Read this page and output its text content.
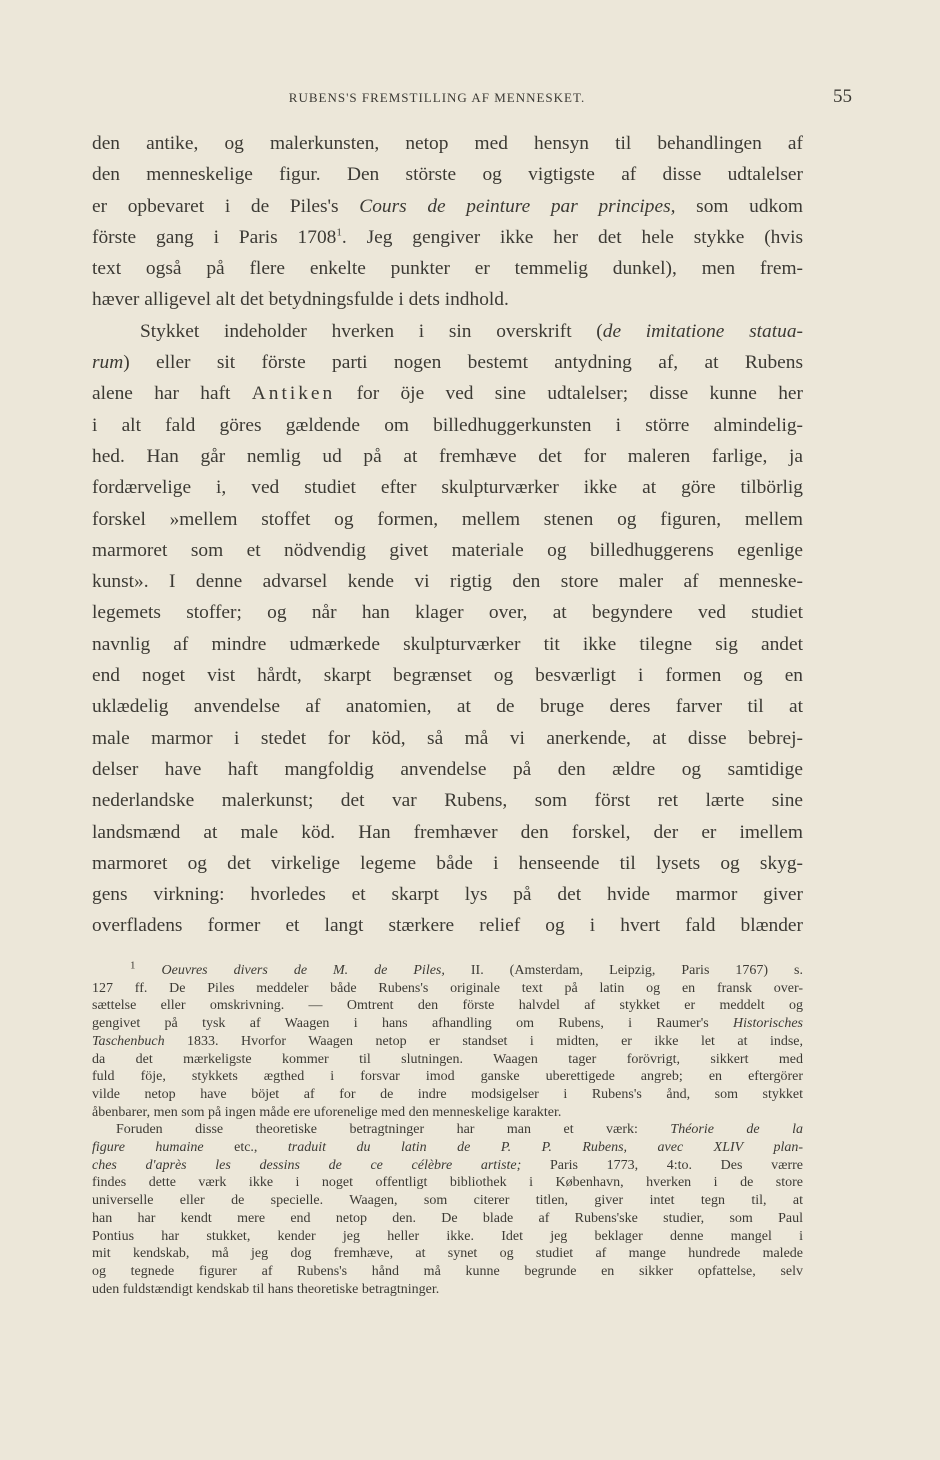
RUBENS'S FREMSTILLING AF MENNESKET.	55

den antike, og malerkunsten, netop med hensyn til behandlingen af
den menneskelige figur. Den störste og vigtigste af disse udtalelser
er opbevaret i de Piles's Cours de peinture par principes, som udkom
förste gang i Paris 1708$^1$. Jeg gengiver ikke her det hele stykke (hvis
text også på flere enkelte punkter er temmelig dunkel), men frem-
hæver alligevel alt det betydningsfulde i dets indhold.

Stykket indeholder hverken i sin overskrift (de imitatione statua-
rum) eller sit förste parti nogen bestemt antydning af, at Rubens
alene har haft Antiken for öje ved sine udtalelser; disse kunne her
i alt fald göres gældende om billedhuggerkunsten i större almindelig-
hed. Han går nemlig ud på at fremhæve det for maleren farlige, ja
fordærvelige i, ved studiet efter skulpturværker ikke at göre tilbörlig
forskel »mellem stoffet og formen, mellem stenen og figuren, mellem
marmoret som et nödvendig givet materiale og billedhuggerens egenlige
kunst». I denne advarsel kende vi rigtig den store maler af menneske-
legemets stoffer; og når han klager over, at begyndere ved studiet
navnlig af mindre udmærkede skulpturværker tit ikke tilegne sig andet
end noget vist hårdt, skarpt begrænset og besværligt i formen og en
uklædelig anvendelse af anatomien, at de bruge deres farver til at
male marmor i stedet for köd, så må vi anerkende, at disse bebrej-
delser have haft mangfoldig anvendelse på den ældre og samtidige
nederlandske malerkunst; det var Rubens, som först ret lærte sine
landsmænd at male köd. Han fremhæver den forskel, der er imellem
marmoret og det virkelige legeme både i henseende til lysets og skyg-
gens virkning: hvorledes et skarpt lys på det hvide marmor giver
overfladens former et langt stærkere relief og i hvert fald blænder

$^1$ Oeuvres divers de M. de Piles, II. (Amsterdam, Leipzig, Paris 1767) s.
127 ff. De Piles meddeler både Rubens's originale text på latin og en fransk over-
sættelse eller omskrivning. — Omtrent den förste halvdel af stykket er meddelt og
gengivet på tysk af Waagen i hans afhandling om Rubens, i Raumer's Historisches
Taschenbuch 1833. Hvorfor Waagen netop er standset i midten, er ikke let at indse,
da det mærkeligste kommer til slutningen. Waagen tager forövrigt, sikkert med
fuld föje, stykkets ægthed i forsvar imod ganske uberettigede angreb; en eftergörer
vilde netop have böjet af for de indre modsigelser i Rubens's ånd, som stykket
åbenbarer, men som på ingen måde ere uforenelige med den menneskelige karakter.

Foruden disse theoretiske betragtninger har man et værk: Théorie de la
figure humaine etc., traduit du latin de P. P. Rubens, avec XLIV plan-
ches d'après les dessins de ce célèbre artiste; Paris 1773, 4:to. Des værre
findes dette værk ikke i noget offentligt bibliothek i København, hverken i de store
universelle eller de specielle. Waagen, som citerer titlen, giver intet tegn til, at
han har kendt mere end netop den. De blade af Rubens'ske studier, som Paul
Pontius har stukket, kender jeg heller ikke. Idet jeg beklager denne mangel i
mit kendskab, må jeg dog fremhæve, at synet og studiet af mange hundrede malede
og tegnede figurer af Rubens's hånd må kunne begrunde en sikker opfattelse, selv
uden fuldstændigt kendskab til hans theoretiske betragtninger.
